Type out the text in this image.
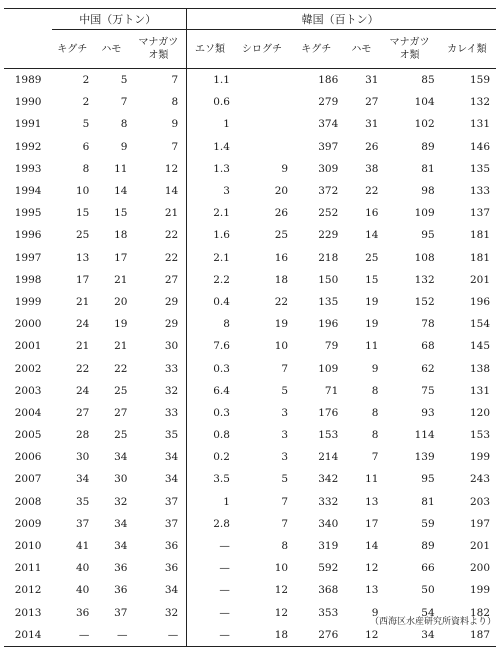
	中国（万トン）			韓国（百トン）					
	キグチ	ハモ	マナガツオ類	エソ類	シログチ	キグチ	ハモ	マナガツオ類	カレイ類
1989	2	5	7	1.1		186	31	85	159
1990	2	7	8	0.6		279	27	104	132
1991	5	8	9	1		374	31	102	131
1992	6	9	7	1.4		397	26	89	146
1993	8	11	12	1.3	9	309	38	81	135
1994	10	14	14	3	20	372	22	98	133
1995	15	15	21	2.1	26	252	16	109	137
1996	25	18	22	1.6	25	229	14	95	181
1997	13	17	22	2.1	16	218	25	108	181
1998	17	21	27	2.2	18	150	15	132	201
1999	21	20	29	0.4	22	135	19	152	196
2000	24	19	29	8	19	196	19	78	154
2001	21	21	30	7.6	10	79	11	68	145
2002	22	22	33	0.3	7	109	9	62	138
2003	24	25	32	6.4	5	71	8	75	131
2004	27	27	33	0.3	3	176	8	93	120
2005	28	25	35	0.8	3	153	8	114	153
2006	30	34	34	0.2	3	214	7	139	199
2007	34	30	34	3.5	5	342	11	95	243
2008	35	32	37	1	7	332	13	81	203
2009	37	34	37	2.8	7	340	17	59	197
2010	41	34	36	—	8	319	14	89	201
2011	40	36	36	—	10	592	12	66	200
2012	40	36	34	—	12	368	13	50	199
2013	36	37	32	—	12	353	9	54	182
2014	—	—	—	—	18	276	12	34	187
（西海区水産研究所資料より）
